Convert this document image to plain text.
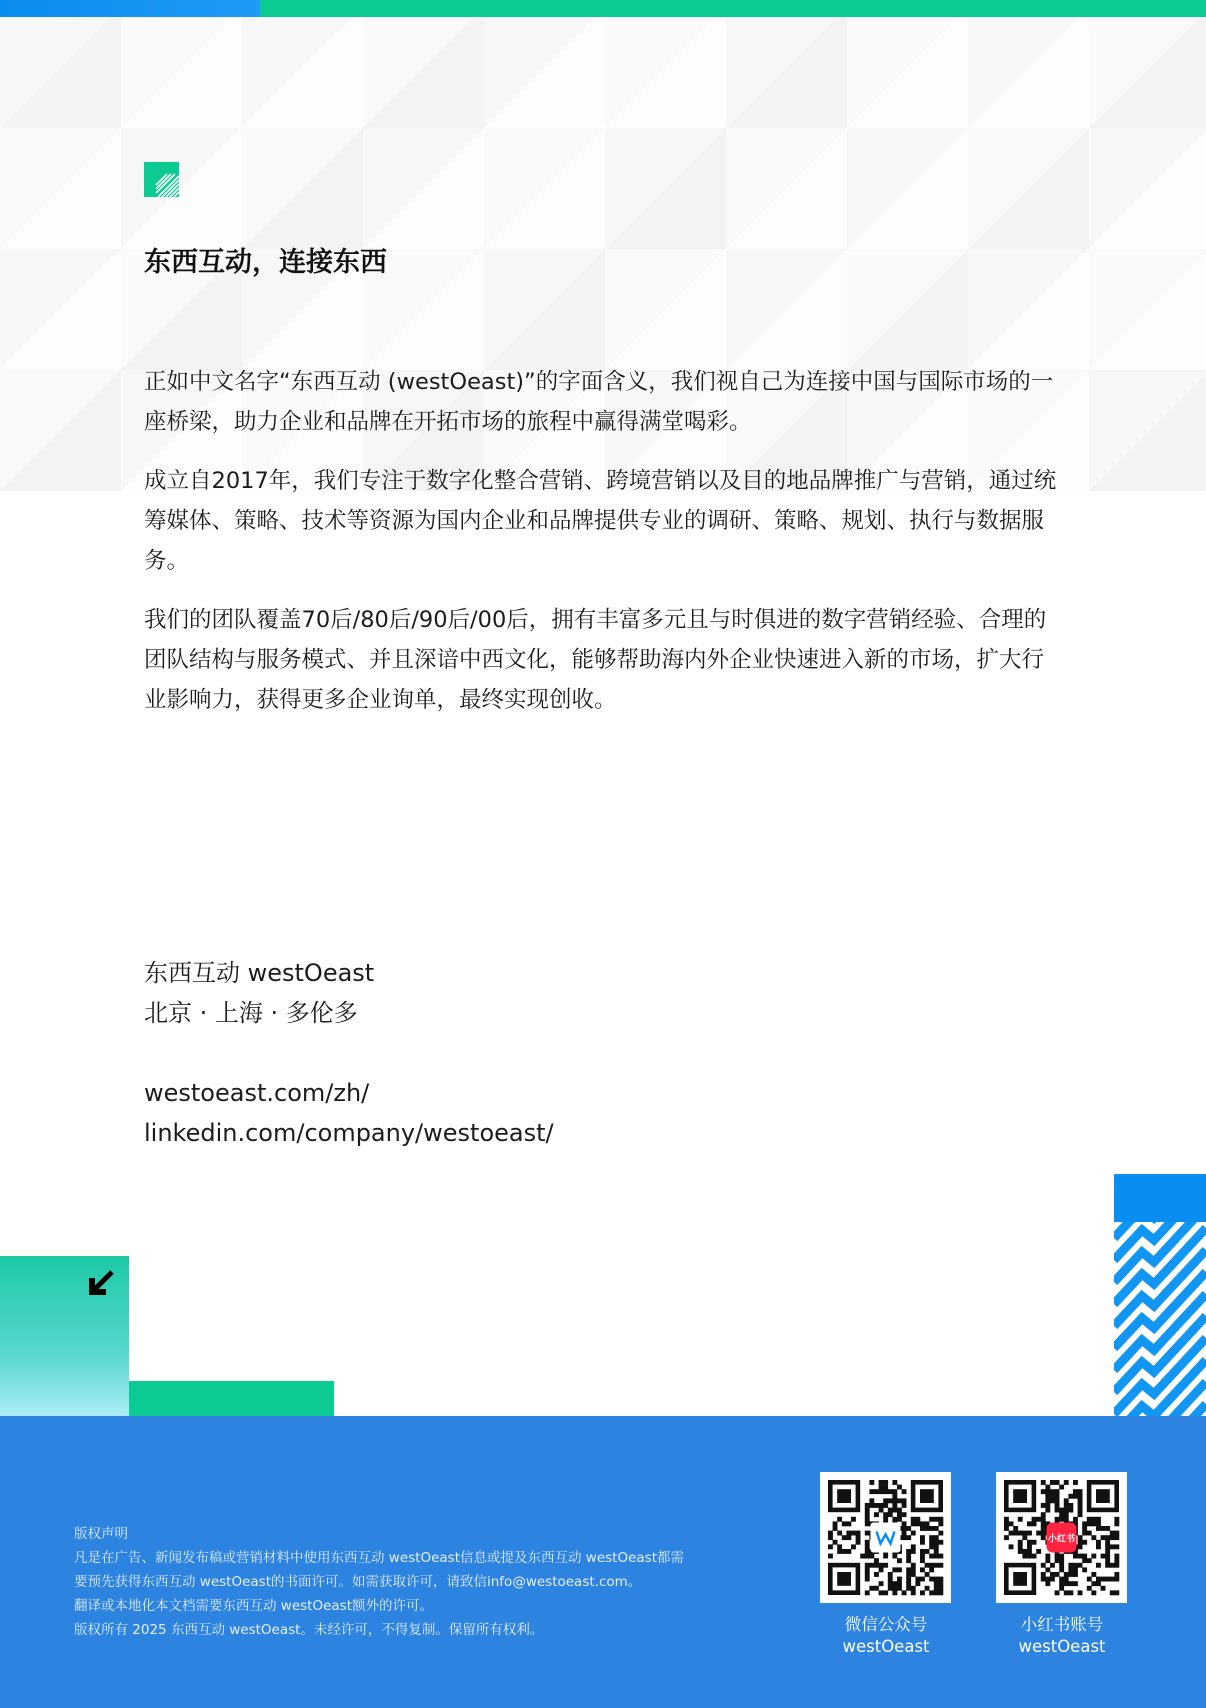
东西互动，连接东西

正如中文名字“东西互动 (westOeast)”的字面含义，我们视自己为连接中国与国际市场的一座桥梁，助力企业和品牌在开拓市场的旅程中赢得满堂喝彩。

成立自2017年，我们专注于数字化整合营销、跨境营销以及目的地品牌推广与营销，通过统筹媒体、策略、技术等资源为国内企业和品牌提供专业的调研、策略、规划、执行与数据服务。

我们的团队覆盖70后/80后/90后/00后，拥有丰富多元且与时俱进的数字营销经验、合理的团队结构与服务模式、并且深谙中西文化，能够帮助海内外企业快速进入新的市场，扩大行业影响力，获得更多企业询单，最终实现创收。

东西互动 westOeast
北京 · 上海 · 多伦多
westoeast.com/zh/
linkedin.com/company/westoeast/
版权声明
凡是在广告、新闻发布稿或营销材料中使用东西互动 westOeast信息或提及东西互动 westOeast都需
要预先获得东西互动 westOeast的书面许可。如需获取许可，请致信info@westoeast.com。
翻译或本地化本文档需要东西互动 westOeast额外的许可。
版权所有 2025 东西互动 westOeast。未经许可，不得复制。保留所有权利。
小红书
微信公众号
westOeast
小红书账号
westOeast
